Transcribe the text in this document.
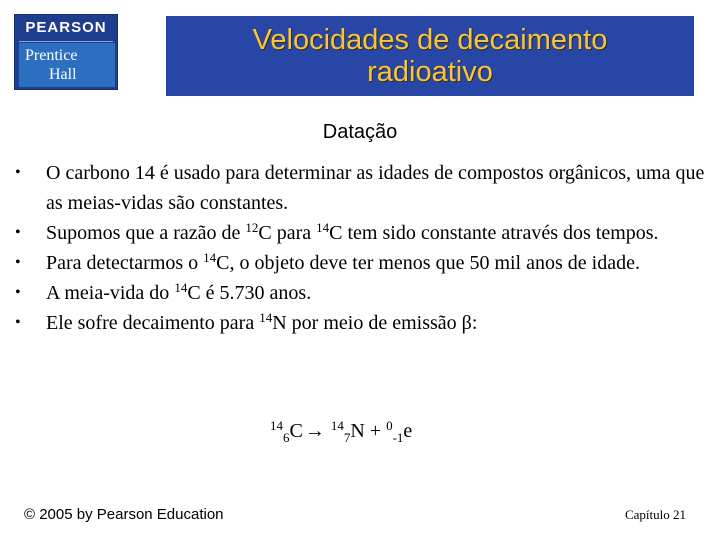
PEARSON
Prentice
Hall
Velocidades de decaimento
radioativo
Datação
• O carbono 14 é usado para determinar as idades de compostos orgânicos, uma que as meias-vidas são constantes.
• Supomos que a razão de $^{12}$C para $^{14}$C tem sido constante através dos tempos.
• Para detectarmos o $^{14}$C, o objeto deve ter menos que 50 mil anos de idade.
• A meia-vida do $^{14}$C é 5.730 anos.
• Ele sofre decaimento para $^{14}$N por meio de emissão β:
$^{14}_6$C → $^{14}_7$N + $^0_{-1}$e
© 2005 by Pearson Education	Capítulo 21
